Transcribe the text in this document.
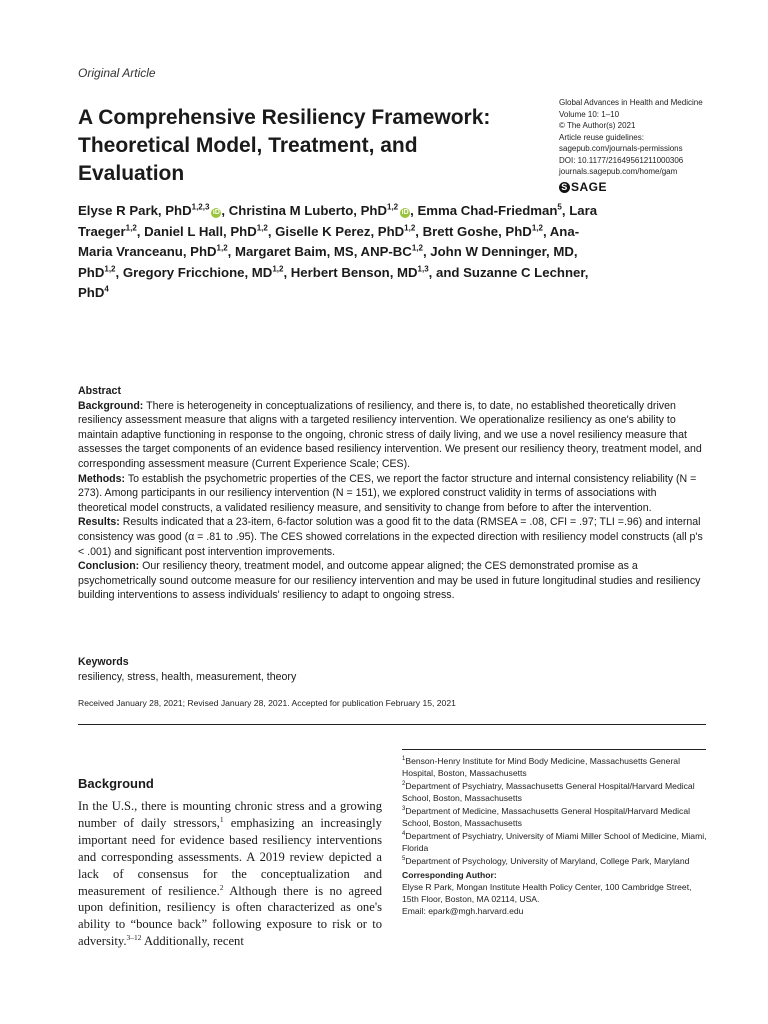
Original Article
A Comprehensive Resiliency Framework: Theoretical Model, Treatment, and Evaluation
Global Advances in Health and Medicine
Volume 10: 1–10
© The Author(s) 2021
Article reuse guidelines:
sagepub.com/journals-permissions
DOI: 10.1177/21649561211000306
journals.sagepub.com/home/gam
S SAGE
Elyse R Park, PhD$^{1,2,3}$iD , Christina M Luberto, PhD$^{1,2}$iD , Emma Chad-Friedman$^5$, Lara Traeger$^{1,2}$, Daniel L Hall, PhD$^{1,2}$, Giselle K Perez, PhD$^{1,2}$, Brett Goshe, PhD$^{1,2}$, Ana-Maria Vranceanu, PhD$^{1,2}$, Margaret Baim, MS, ANP-BC$^{1,2}$, John W Denninger, MD, PhD$^{1,2}$, Gregory Fricchione, MD$^{1,2}$, Herbert Benson, MD$^{1,3}$, and Suzanne C Lechner, PhD$^4$
Abstract

Background: There is heterogeneity in conceptualizations of resiliency, and there is, to date, no established theoretically driven resiliency assessment measure that aligns with a targeted resiliency intervention. We operationalize resiliency as one's ability to maintain adaptive functioning in response to the ongoing, chronic stress of daily living, and we use a novel resiliency measure that assesses the target components of an evidence based resiliency intervention. We present our resiliency theory, treatment model, and corresponding assessment measure (Current Experience Scale; CES).

Methods: To establish the psychometric properties of the CES, we report the factor structure and internal consistency reliability (N = 273). Among participants in our resiliency intervention (N = 151), we explored construct validity in terms of associations with theoretical model constructs, a validated resiliency measure, and sensitivity to change from before to after the intervention.

Results: Results indicated that a 23-item, 6-factor solution was a good fit to the data (RMSEA = .08, CFI = .97; TLI =.96) and internal consistency was good (α = .81 to .95). The CES showed correlations in the expected direction with resiliency model constructs (all p's < .001) and significant post intervention improvements.

Conclusion: Our resiliency theory, treatment model, and outcome appear aligned; the CES demonstrated promise as a psychometrically sound outcome measure for our resiliency intervention and may be used in future longitudinal studies and resiliency building interventions to assess individuals' resiliency to adapt to ongoing stress.

Keywords
resiliency, stress, health, measurement, theory
Received January 28, 2021; Revised January 28, 2021. Accepted for publication February 15, 2021
Background
In the U.S., there is mounting chronic stress and a growing number of daily stressors,$^1$ emphasizing an increasingly important need for evidence based resiliency interventions and corresponding assessments. A 2019 review depicted a lack of consensus for the conceptualization and measurement of resilience.$^2$ Although there is no agreed upon definition, resiliency is often characterized as one's ability to “bounce back” following exposure to risk or to adversity.$^{3-12}$ Additionally, recent
$^1$Benson-Henry Institute for Mind Body Medicine, Massachusetts General Hospital, Boston, Massachusetts
$^2$Department of Psychiatry, Massachusetts General Hospital/Harvard Medical School, Boston, Massachusetts
$^3$Department of Medicine, Massachusetts General Hospital/Harvard Medical School, Boston, Massachusetts
$^4$Department of Psychiatry, University of Miami Miller School of Medicine, Miami, Florida
$^5$Department of Psychology, University of Maryland, College Park, Maryland
Corresponding Author:
Elyse R Park, Mongan Institute Health Policy Center, 100 Cambridge Street, 15th Floor, Boston, MA 02114, USA.
Email: epark@mgh.harvard.edu
